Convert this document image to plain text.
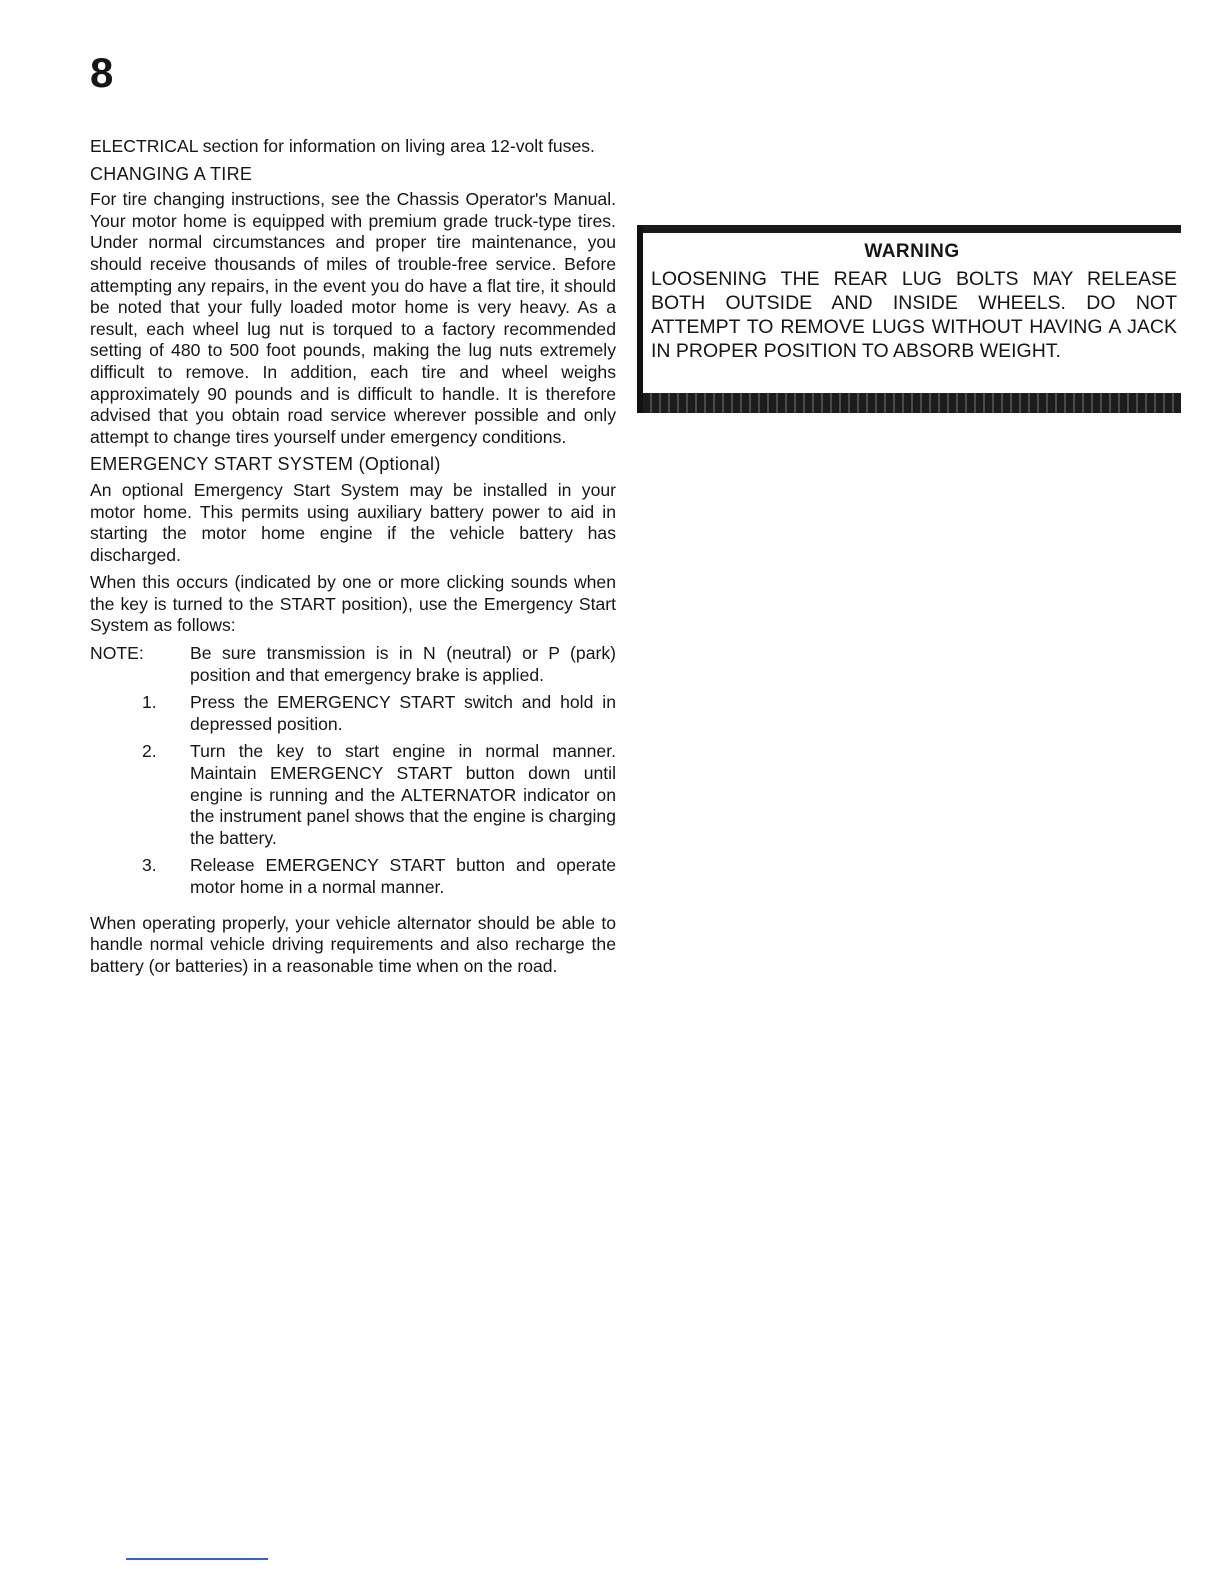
8

ELECTRICAL section for information on living area 12-volt fuses.

CHANGING A TIRE

For tire changing instructions, see the Chassis Operator's Manual. Your motor home is equipped with premium grade truck-type tires. Under normal circumstances and proper tire maintenance, you should receive thousands of miles of trouble-free service. Before attempting any repairs, in the event you do have a flat tire, it should be noted that your fully loaded motor home is very heavy. As a result, each wheel lug nut is torqued to a factory recommended setting of 480 to 500 foot pounds, making the lug nuts extremely difficult to remove. In addition, each tire and wheel weighs approximately 90 pounds and is difficult to handle. It is therefore advised that you obtain road service wherever possible and only attempt to change tires yourself under emergency conditions.

EMERGENCY START SYSTEM (Optional)

An optional Emergency Start System may be installed in your motor home. This permits using auxiliary battery power to aid in starting the motor home engine if the vehicle battery has discharged.

When this occurs (indicated by one or more clicking sounds when the key is turned to the START position), use the Emergency Start System as follows:

NOTE:	Be sure transmission is in N (neutral) or P (park) position and that emergency brake is applied.
1.	Press the EMERGENCY START switch and hold in depressed position.
2.	Turn the key to start engine in normal manner. Maintain EMERGENCY START button down until engine is running and the ALTERNATOR indicator on the instrument panel shows that the engine is charging the battery.
3.	Release EMERGENCY START button and operate motor home in a normal manner.

When operating properly, your vehicle alternator should be able to handle normal vehicle driving requirements and also recharge the battery (or batteries) in a reasonable time when on the road.

WARNING

LOOSENING THE REAR LUG BOLTS MAY RELEASE BOTH OUTSIDE AND INSIDE WHEELS. DO NOT ATTEMPT TO REMOVE LUGS WITHOUT HAVING A JACK IN PROPER POSITION TO ABSORB WEIGHT.
